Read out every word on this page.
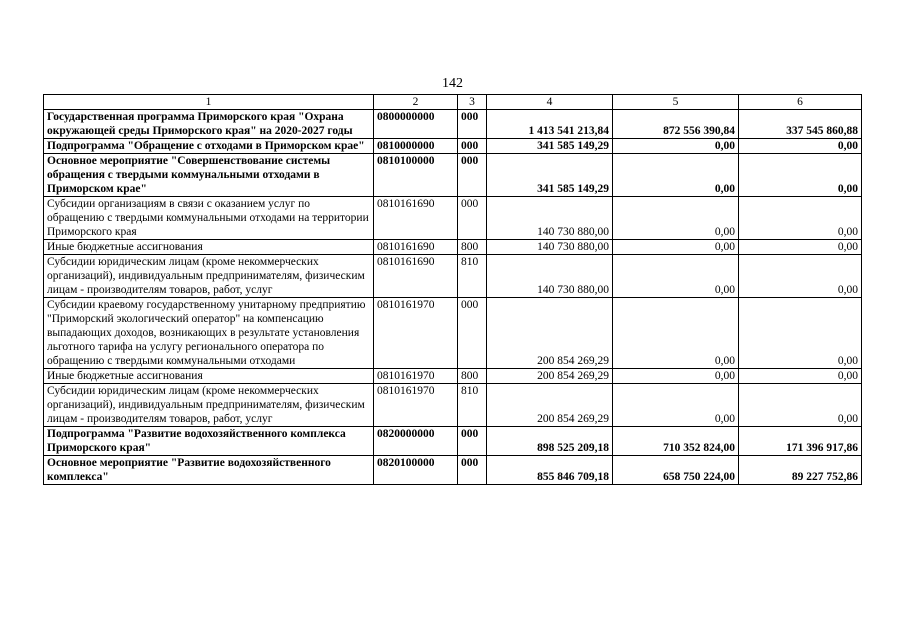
142
1	2	3	4	5	6
Государственная программа Приморского края "Охрана окружающей среды Приморского края" на 2020-2027 годы	0800000000	000	1 413 541 213,84	872 556 390,84	337 545 860,88
Подпрограмма "Обращение с отходами в Приморском крае"	0810000000	000	341 585 149,29	0,00	0,00
Основное мероприятие "Совершенствование системы обращения с твердыми коммунальными отходами в Приморском крае"	0810100000	000	341 585 149,29	0,00	0,00
Субсидии организациям в связи с оказанием услуг по обращению с твердыми коммунальными отходами на территории Приморского края	0810161690	000	140 730 880,00	0,00	0,00
Иные бюджетные ассигнования	0810161690	800	140 730 880,00	0,00	0,00
Субсидии юридическим лицам (кроме некоммерческих организаций), индивидуальным предпринимателям, физическим лицам - производителям товаров, работ, услуг	0810161690	810	140 730 880,00	0,00	0,00
Субсидии краевому государственному унитарному предприятию "Приморский экологический оператор" на компенсацию выпадающих доходов, возникающих в результате установления льготного тарифа на услугу регионального оператора по обращению с твердыми коммунальными отходами	0810161970	000	200 854 269,29	0,00	0,00
Иные бюджетные ассигнования	0810161970	800	200 854 269,29	0,00	0,00
Субсидии юридическим лицам (кроме некоммерческих организаций), индивидуальным предпринимателям, физическим лицам - производителям товаров, работ, услуг	0810161970	810	200 854 269,29	0,00	0,00
Подпрограмма "Развитие водохозяйственного комплекса Приморского края"	0820000000	000	898 525 209,18	710 352 824,00	171 396 917,86
Основное мероприятие "Развитие водохозяйственного комплекса"	0820100000	000	855 846 709,18	658 750 224,00	89 227 752,86
